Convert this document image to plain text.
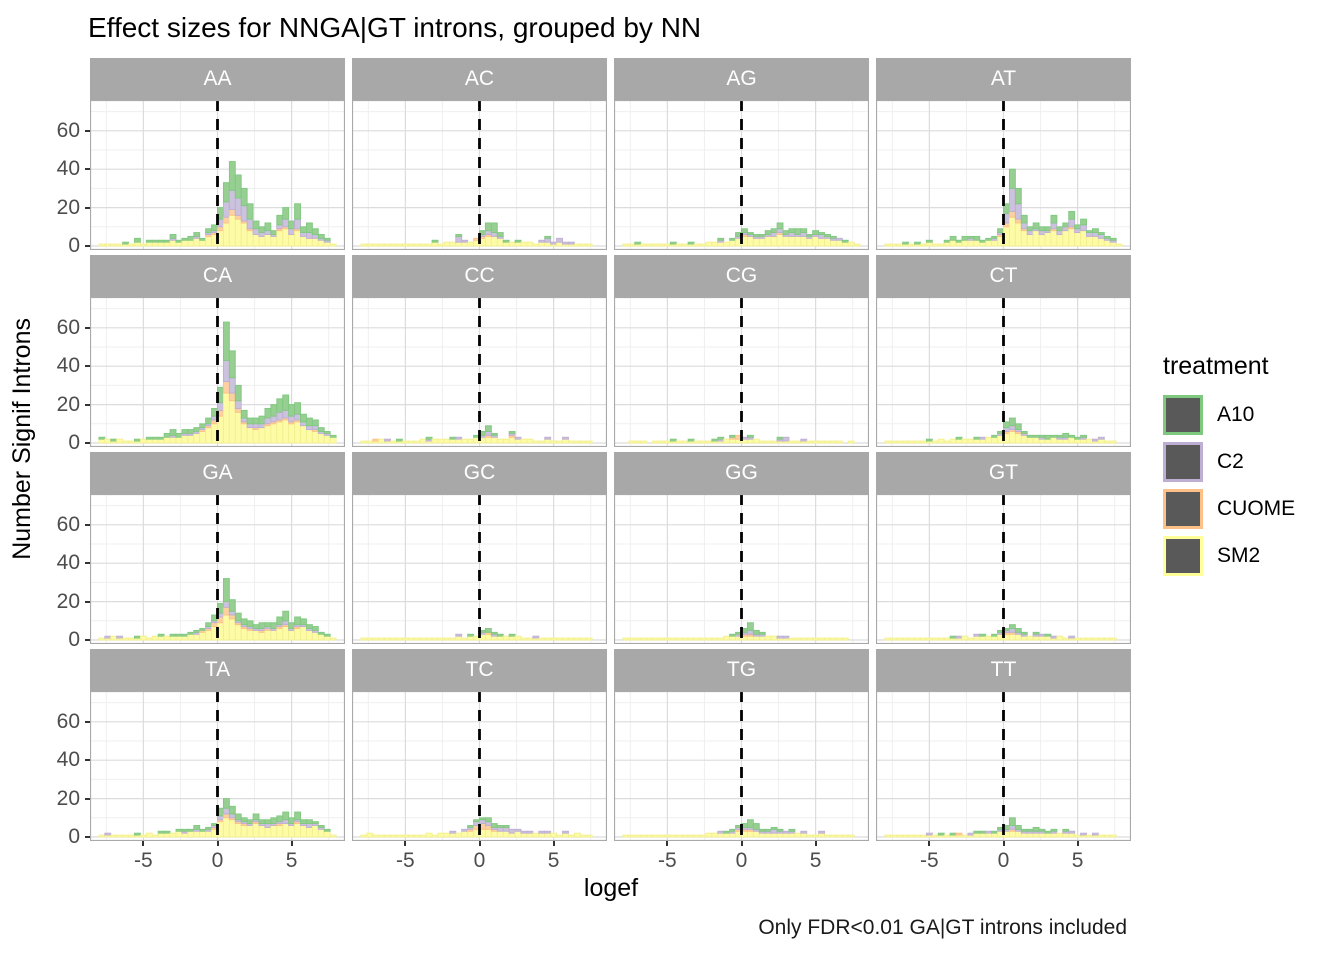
Effect sizes for NNGA|GT introns, grouped by NN
Number Signif Introns
AA	AC	AG	AT
CA	CC	CG	CT
GA	GC	GG	GT
TA	TC	TG	TT
0
20
40
60
0
20
40
60
0
20
40
60
0
20
40
60
-5	0	5	-5	0	5	-5	0	5	-5	0	5
logef
Only FDR<0.01 GA|GT introns included
treatment
A10
C2
CUOME
SM2
